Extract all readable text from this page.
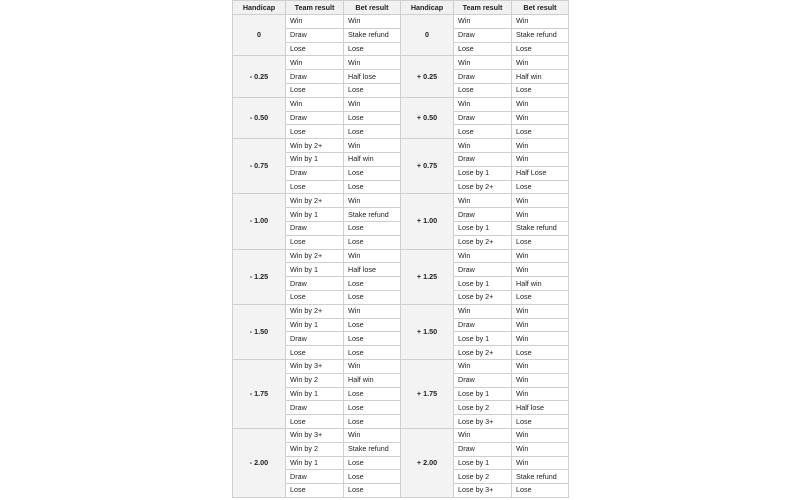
Handicap	Team result	Bet result	Handicap	Team result	Bet result
0	Win	Win	0	Win	Win
	Draw	Stake refund		Draw	Stake refund
	Lose	Lose		Lose	Lose
- 0.25	Win	Win	+ 0.25	Win	Win
	Draw	Half lose		Draw	Half win
	Lose	Lose		Lose	Lose
- 0.50	Win	Win	+ 0.50	Win	Win
	Draw	Lose		Draw	Win
	Lose	Lose		Lose	Lose
- 0.75	Win by 2+	Win	+ 0.75	Win	Win
	Win by 1	Half win		Draw	Win
	Draw	Lose		Lose by 1	Half Lose
	Lose	Lose		Lose by 2+	Lose
- 1.00	Win by 2+	Win	+ 1.00	Win	Win
	Win by 1	Stake refund		Draw	Win
	Draw	Lose		Lose by 1	Stake refund
	Lose	Lose		Lose by 2+	Lose
- 1.25	Win by 2+	Win	+ 1.25	Win	Win
	Win by 1	Half lose		Draw	Win
	Draw	Lose		Lose by 1	Half win
	Lose	Lose		Lose by 2+	Lose
- 1.50	Win by 2+	Win	+ 1.50	Win	Win
	Win by 1	Lose		Draw	Win
	Draw	Lose		Lose by 1	Win
	Lose	Lose		Lose by 2+	Lose
- 1.75	Win by 3+	Win	+ 1.75	Win	Win
	Win by 2	Half win		Draw	Win
	Win by 1	Lose		Lose by 1	Win
	Draw	Lose		Lose by 2	Half lose
	Lose	Lose		Lose by 3+	Lose
- 2.00	Win by 3+	Win	+ 2.00	Win	Win
	Win by 2	Stake refund		Draw	Win
	Win by 1	Lose		Lose by 1	Win
	Draw	Lose		Lose by 2	Stake refund
	Lose	Lose		Lose by 3+	Lose
